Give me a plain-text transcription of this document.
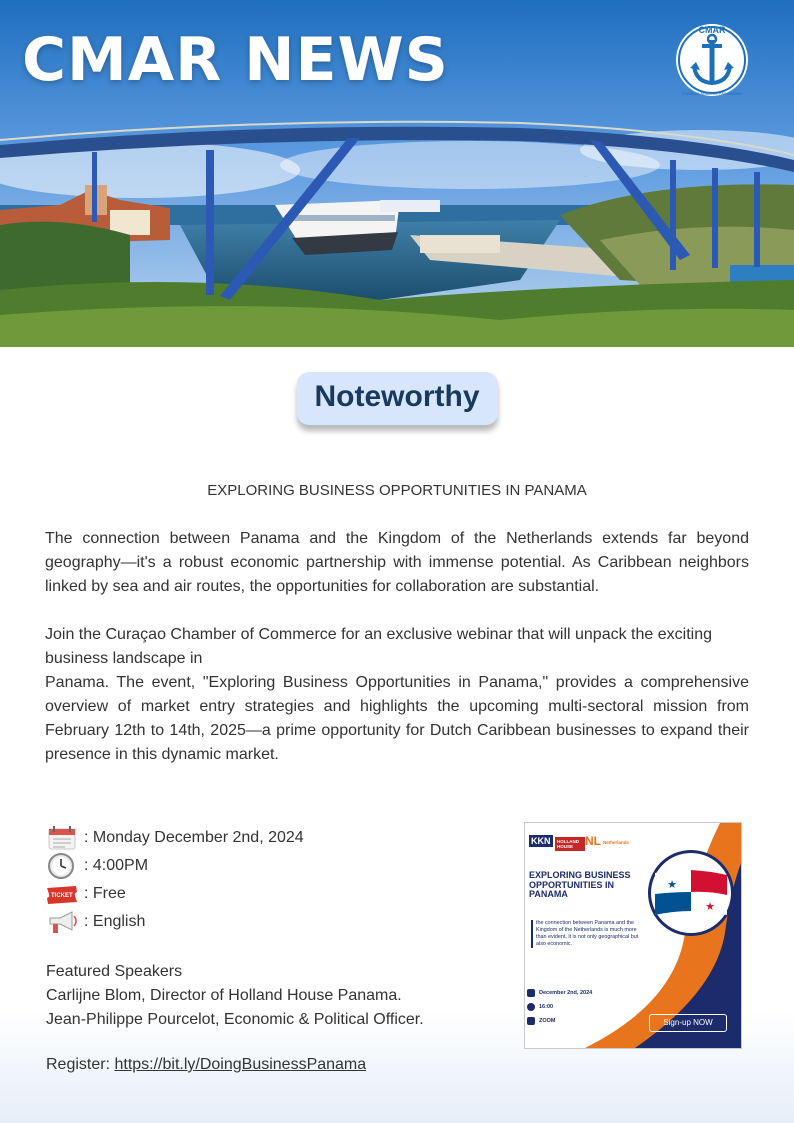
CMAR NEWS	CMAR
Curaçao Maritime Association
Noteworthy
EXPLORING BUSINESS OPPORTUNITIES IN PANAMA

The connection between Panama and the Kingdom of the Netherlands extends far beyond geography—it's a robust economic partnership with immense potential. As Caribbean neighbors linked by sea and air routes, the opportunities for collaboration are substantial.

Join the Curaçao Chamber of Commerce for an exclusive webinar that will unpack the exciting business landscape in
Panama. The event, "Exploring Business Opportunities in Panama," provides a comprehensive overview of market entry strategies and highlights the upcoming multi-sectoral mission from February 12th to 14th, 2025—a prime opportunity for Dutch Caribbean businesses to expand their presence in this dynamic market.
: Monday December 2nd, 2024
: 4:00PM
TICKET : Free
: English
Featured Speakers
Carlijne Blom, Director of Holland House Panama.
Jean-Philippe Pourcelot, Economic & Political Officer.
Register: https://bit.ly/DoingBusinessPanama
★
★
KKN	HOLLAND HOUSE NL Netherlands
EXPLORING BUSINESS OPPORTUNITIES IN PANAMA
the connection between Panama and the Kingdom of the Netherlands is much more than evident, it is not only geographical but also economic.
December 2nd, 2024
16:00
ZOOM	Sign-up NOW
